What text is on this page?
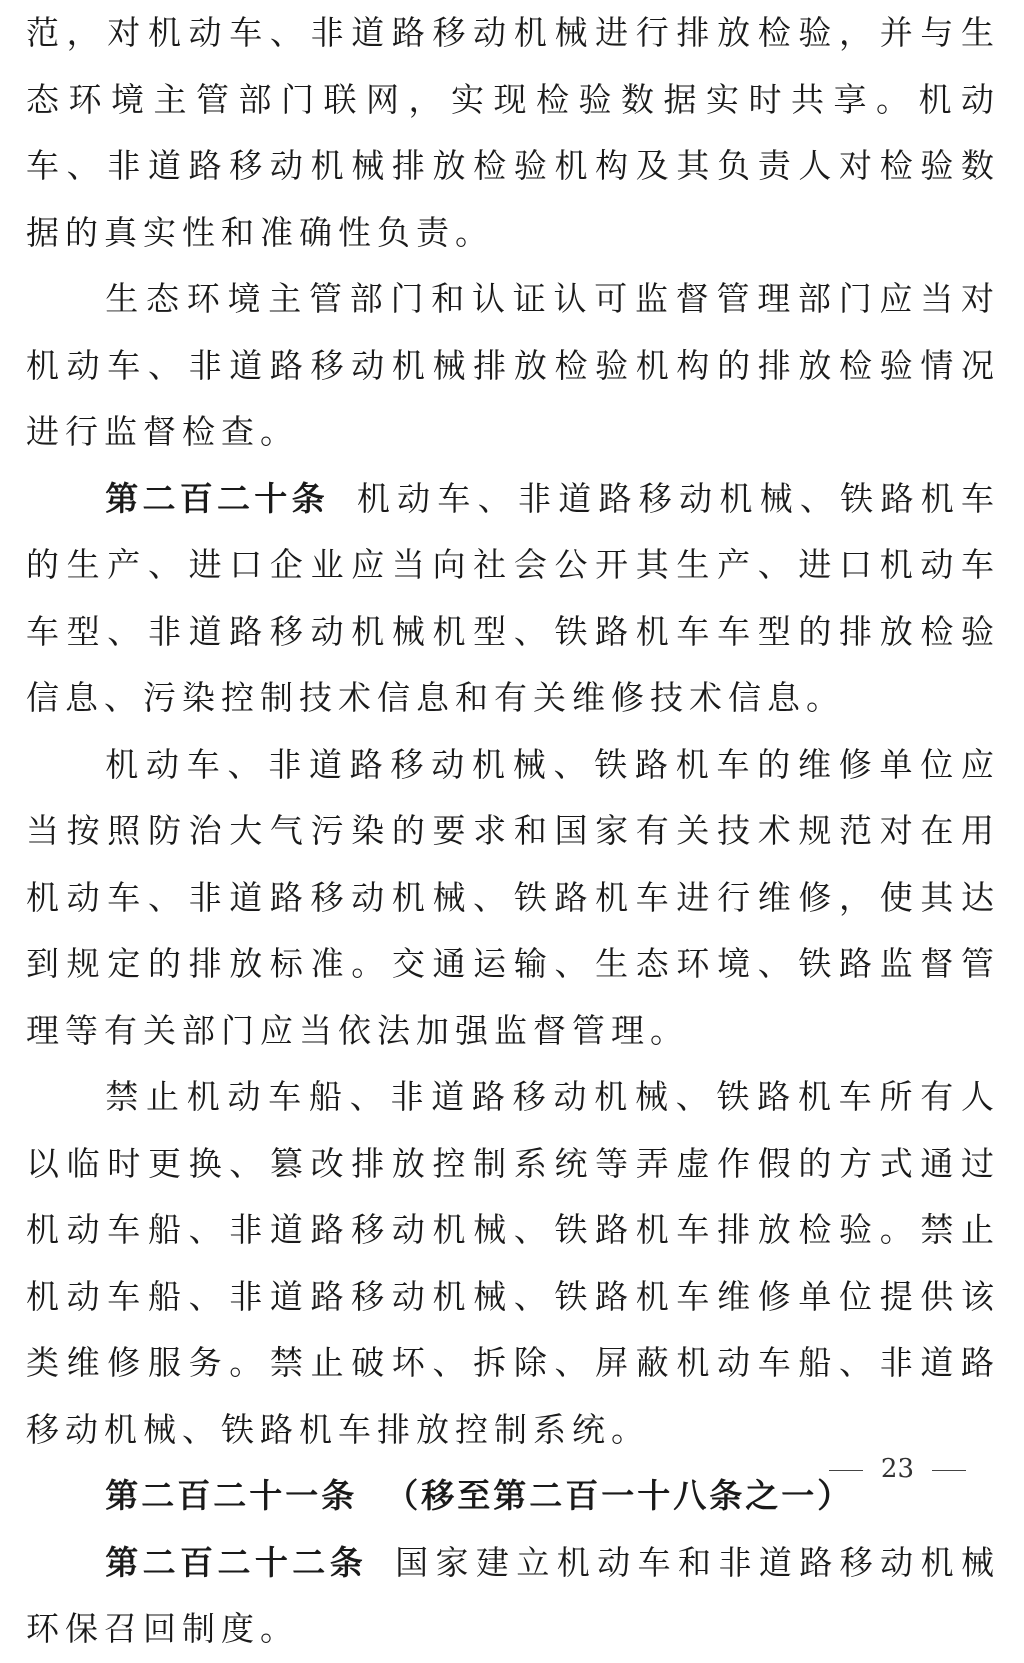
范，对机动车、非道路移动机械进行排放检验，并与生态环境主管部门联网，实现检验数据实时共享。机动车、非道路移动机械排放检验机构及其负责人对检验数据的真实性和准确性负责。

生态环境主管部门和认证认可监督管理部门应当对机动车、非道路移动机械排放检验机构的排放检验情况进行监督检查。

第二百二十条 机动车、非道路移动机械、铁路机车的生产、进口企业应当向社会公开其生产、进口机动车车型、非道路移动机械机型、铁路机车车型的排放检验信息、污染控制技术信息和有关维修技术信息。

机动车、非道路移动机械、铁路机车的维修单位应当按照防治大气污染的要求和国家有关技术规范对在用机动车、非道路移动机械、铁路机车进行维修，使其达到规定的排放标准。交通运输、生态环境、铁路监督管理等有关部门应当依法加强监督管理。

禁止机动车船、非道路移动机械、铁路机车所有人以临时更换、篡改排放控制系统等弄虚作假的方式通过机动车船、非道路移动机械、铁路机车排放检验。禁止机动车船、非道路移动机械、铁路机车维修单位提供该类维修服务。禁止破坏、拆除、屏蔽机动车船、非道路移动机械、铁路机车排放控制系统。

第二百二十一条 （移至第二百一十八条之一）

第二百二十二条 国家建立机动车和非道路移动机械环保召回制度。

23
